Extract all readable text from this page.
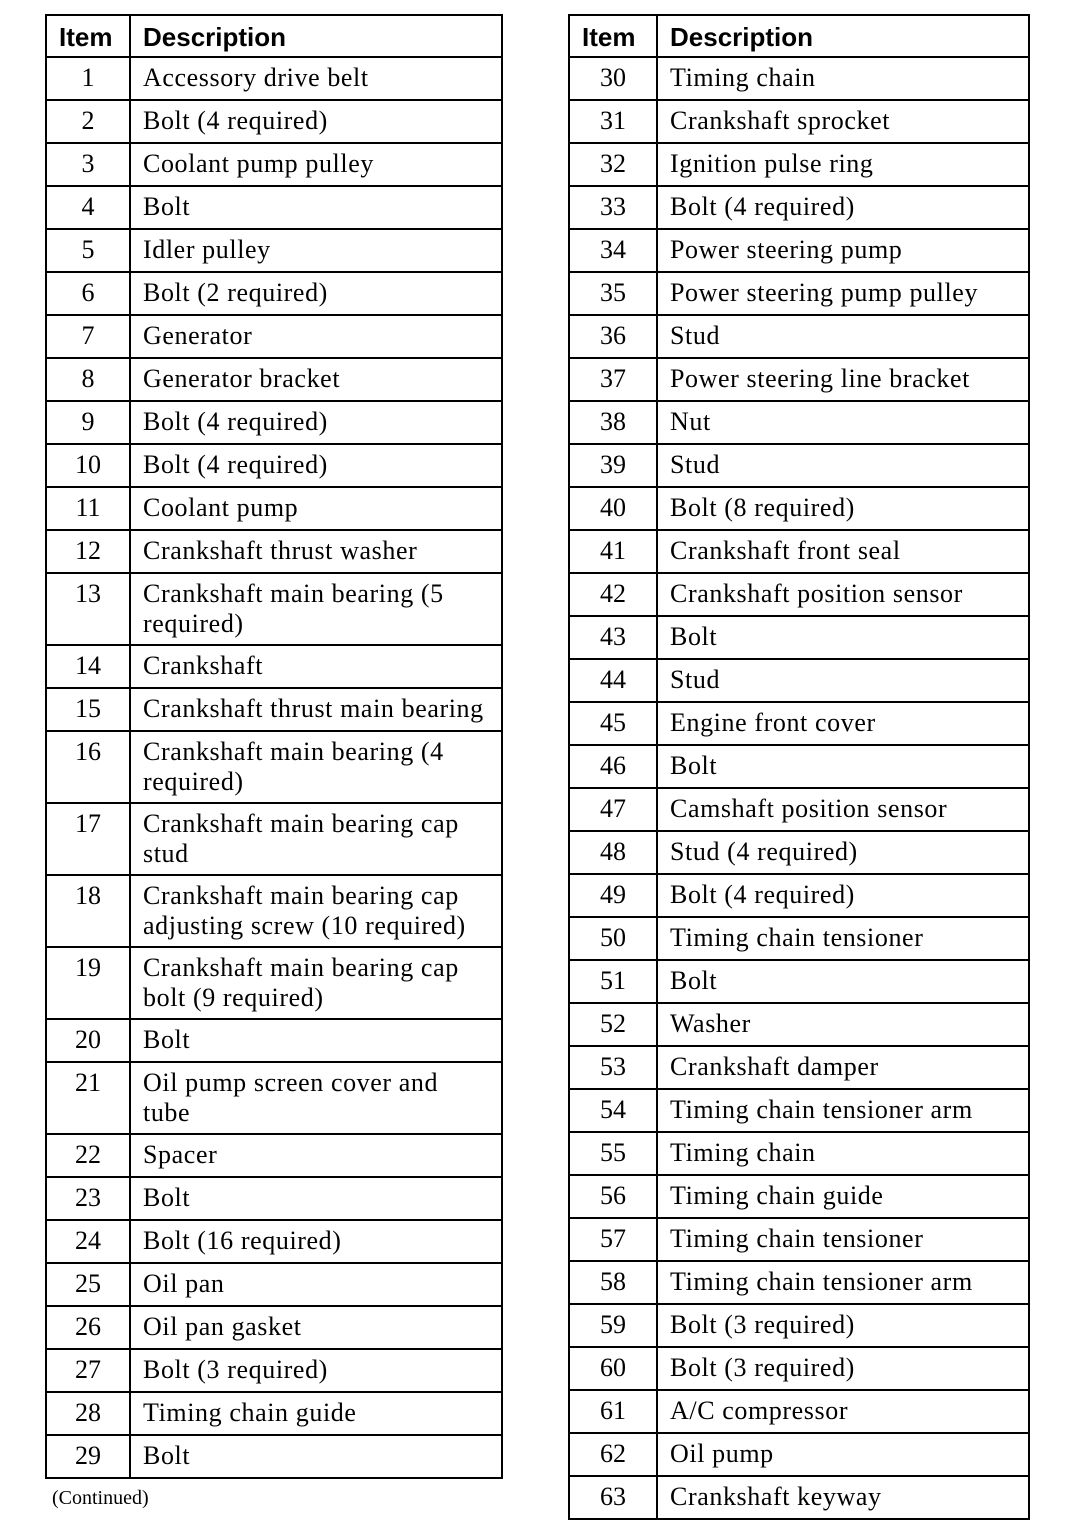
Item	Description
1	Accessory drive belt
2	Bolt (4 required)
3	Coolant pump pulley
4	Bolt
5	Idler pulley
6	Bolt (2 required)
7	Generator
8	Generator bracket
9	Bolt (4 required)
10	Bolt (4 required)
11	Coolant pump
12	Crankshaft thrust washer
13	Crankshaft main bearing (5 required)
14	Crankshaft
15	Crankshaft thrust main bearing
16	Crankshaft main bearing (4 required)
17	Crankshaft main bearing cap stud
18	Crankshaft main bearing cap adjusting screw (10 required)
19	Crankshaft main bearing cap bolt (9 required)
20	Bolt
21	Oil pump screen cover and tube
22	Spacer
23	Bolt
24	Bolt (16 required)
25	Oil pan
26	Oil pan gasket
27	Bolt (3 required)
28	Timing chain guide
29	Bolt
Item	Description
30	Timing chain
31	Crankshaft sprocket
32	Ignition pulse ring
33	Bolt (4 required)
34	Power steering pump
35	Power steering pump pulley
36	Stud
37	Power steering line bracket
38	Nut
39	Stud
40	Bolt (8 required)
41	Crankshaft front seal
42	Crankshaft position sensor
43	Bolt
44	Stud
45	Engine front cover
46	Bolt
47	Camshaft position sensor
48	Stud (4 required)
49	Bolt (4 required)
50	Timing chain tensioner
51	Bolt
52	Washer
53	Crankshaft damper
54	Timing chain tensioner arm
55	Timing chain
56	Timing chain guide
57	Timing chain tensioner
58	Timing chain tensioner arm
59	Bolt (3 required)
60	Bolt (3 required)
61	A/C compressor
62	Oil pump
63	Crankshaft keyway
(Continued)
